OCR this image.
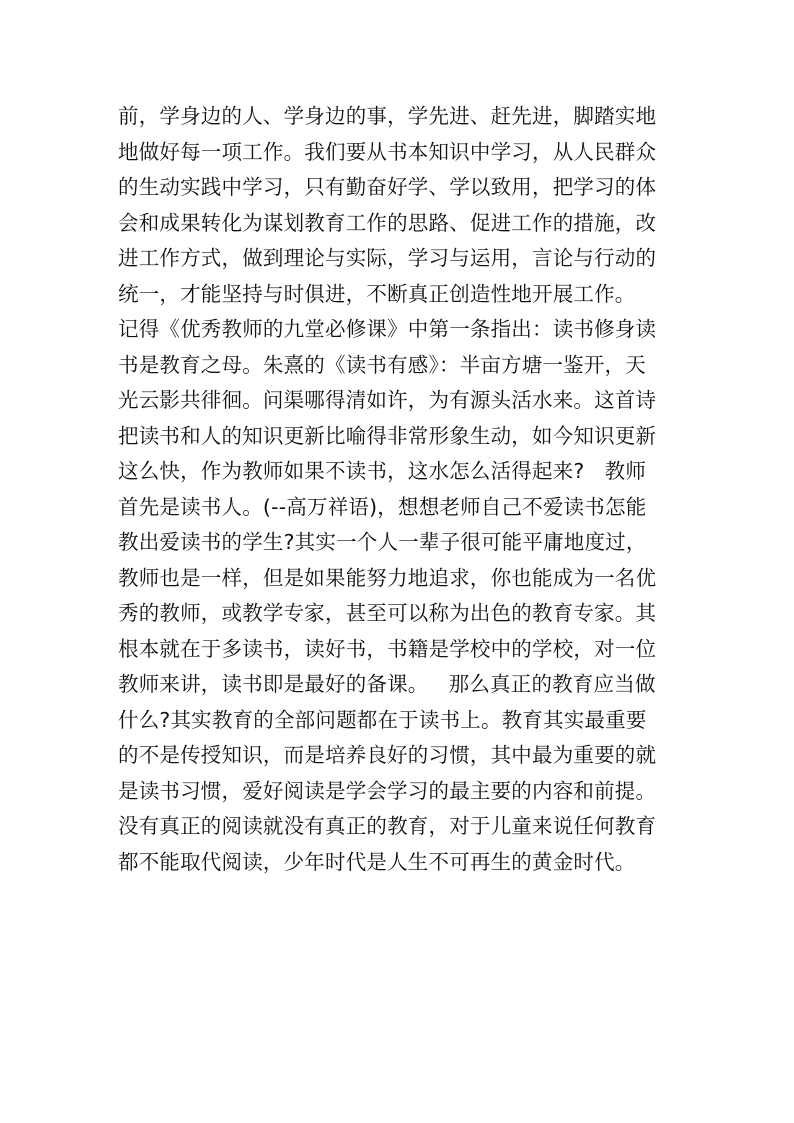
前，学身边的人、学身边的事，学先进、赶先进，脚踏实地
地做好每一项工作。我们要从书本知识中学习，从人民群众
的生动实践中学习，只有勤奋好学、学以致用，把学习的体
会和成果转化为谋划教育工作的思路、促进工作的措施，改
进工作方式，做到理论与实际，学习与运用，言论与行动的
统一，才能坚持与时俱进，不断真正创造性地开展工作。
记得《优秀教师的九堂必修课》中第一条指出：读书修身读
书是教育之母。朱熹的《读书有感》：半亩方塘一鉴开，天
光云影共徘徊。问渠哪得清如许，为有源头活水来。这首诗
把读书和人的知识更新比喻得非常形象生动，如今知识更新
这么快，作为教师如果不读书，这水怎么活得起来?   教师
首先是读书人。(--高万祥语)，想想老师自己不爱读书怎能
教出爱读书的学生?其实一个人一辈子很可能平庸地度过，
教师也是一样，但是如果能努力地追求，你也能成为一名优
秀的教师，或教学专家，甚至可以称为出色的教育专家。其
根本就在于多读书，读好书，书籍是学校中的学校，对一位
教师来讲，读书即是最好的备课。   那么真正的教育应当做
什么?其实教育的全部问题都在于读书上。教育其实最重要
的不是传授知识，而是培养良好的习惯，其中最为重要的就
是读书习惯，爱好阅读是学会学习的最主要的内容和前提。
没有真正的阅读就没有真正的教育，对于儿童来说任何教育
都不能取代阅读，少年时代是人生不可再生的黄金时代。
